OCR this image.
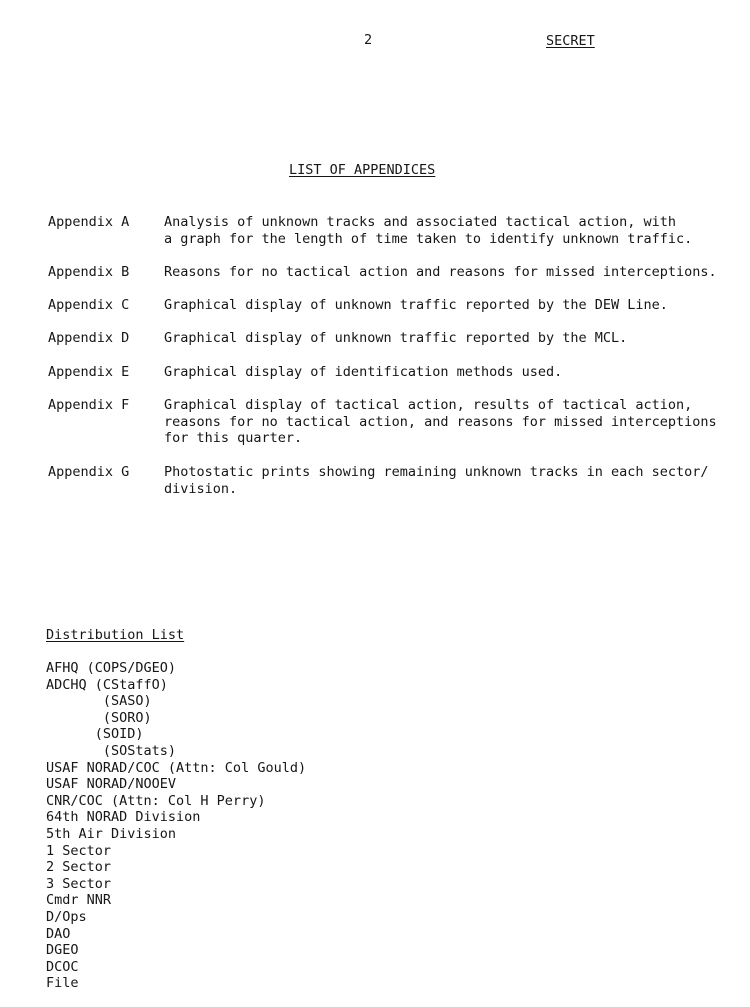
2	SECRET
LIST OF APPENDICES
Appendix A	Analysis of unknown tracks and associated tactical action, with
a graph for the length of time taken to identify unknown traffic.
Appendix B	Reasons for no tactical action and reasons for missed interceptions.
Appendix C	Graphical display of unknown traffic reported by the DEW Line.
Appendix D	Graphical display of unknown traffic reported by the MCL.
Appendix E	Graphical display of identification methods used.
Appendix F	Graphical display of tactical action, results of tactical action,
reasons for no tactical action, and reasons for missed interceptions
for this quarter.
Appendix G	Photostatic prints showing remaining unknown tracks in each sector/
division.
Distribution List
AFHQ (COPS/DGEO)
ADCHQ (CStaffO)
(SASO)
(SORO)
(SOID)
(SOStats)
USAF NORAD/COC (Attn: Col Gould)
USAF NORAD/NOOEV
CNR/COC (Attn: Col H Perry)
64th NORAD Division
5th Air Division
1 Sector
2 Sector
3 Sector
Cmdr NNR
D/Ops
DAO
DGEO
DCOC
File
